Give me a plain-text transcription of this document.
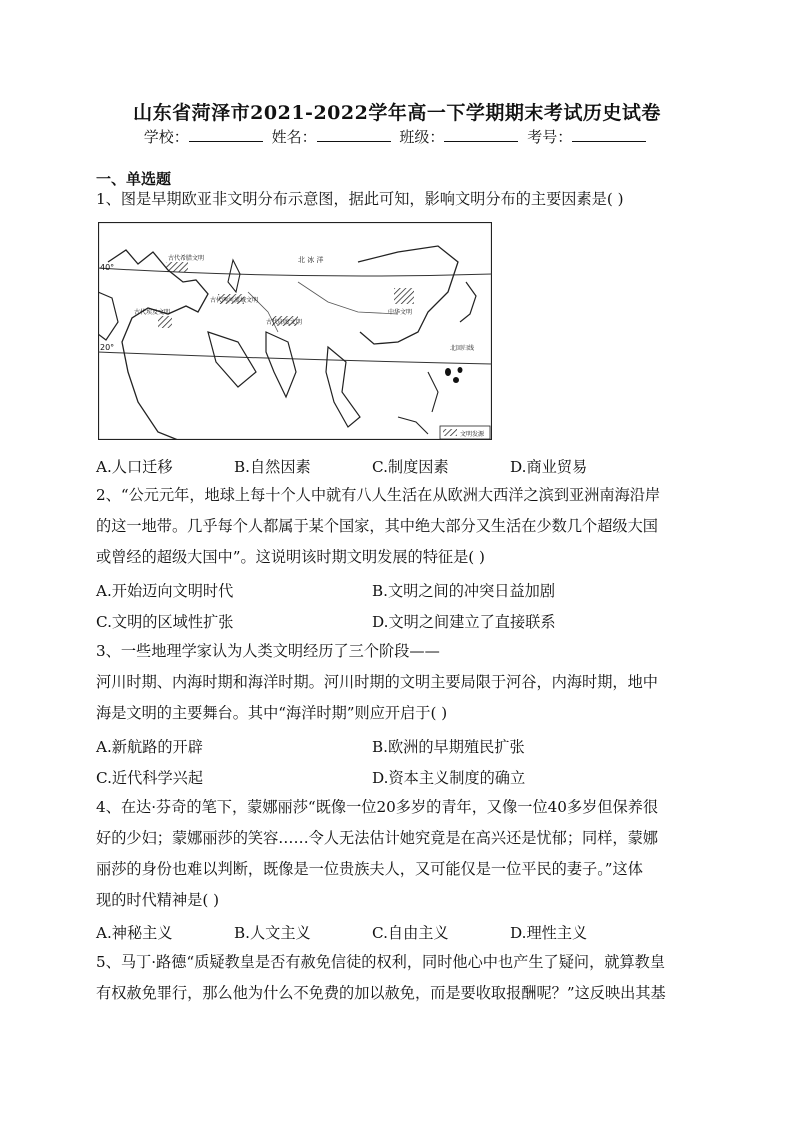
山东省菏泽市2021-2022学年高一下学期期末考试历史试卷
学校：	姓名：	班级：	考号：
一、单选题
1、图是早期欧亚非文明分布示意图，据此可知，影响文明分布的主要因素是( )
40°
20°
北 冰 洋
古代希腊文明
古代两河流域文明
古代埃及文明
古代印度文明
中华文明
北回归线
文明发源
A.人口迁移	B.自然因素	C.制度因素	D.商业贸易
2、“公元元年，地球上每十个人中就有八人生活在从欧洲大西洋之滨到亚洲南海沿岸
的这一地带。几乎每个人都属于某个国家，其中绝大部分又生活在少数几个超级大国
或曾经的超级大国中”。这说明该时期文明发展的特征是( )
A.开始迈向文明时代	B.文明之间的冲突日益加剧
C.文明的区域性扩张	D.文明之间建立了直接联系
3、一些地理学家认为人类文明经历了三个阶段——
河川时期、内海时期和海洋时期。河川时期的文明主要局限于河谷，内海时期，地中
海是文明的主要舞台。其中“海洋时期”则应开启于( )
A.新航路的开辟	B.欧洲的早期殖民扩张
C.近代科学兴起	D.资本主义制度的确立
4、在达·芬奇的笔下，蒙娜丽莎“既像一位20多岁的青年，又像一位40多岁但保养很
好的少妇；蒙娜丽莎的笑容……令人无法估计她究竟是在高兴还是忧郁；同样，蒙娜
丽莎的身份也难以判断，既像是一位贵族夫人，又可能仅是一位平民的妻子。”这体
现的时代精神是( )
A.神秘主义	B.人文主义	C.自由主义	D.理性主义
5、马丁·路德“质疑教皇是否有赦免信徒的权利，同时他心中也产生了疑问，就算教皇
有权赦免罪行，那么他为什么不免费的加以赦免，而是要收取报酬呢？”这反映出其基
